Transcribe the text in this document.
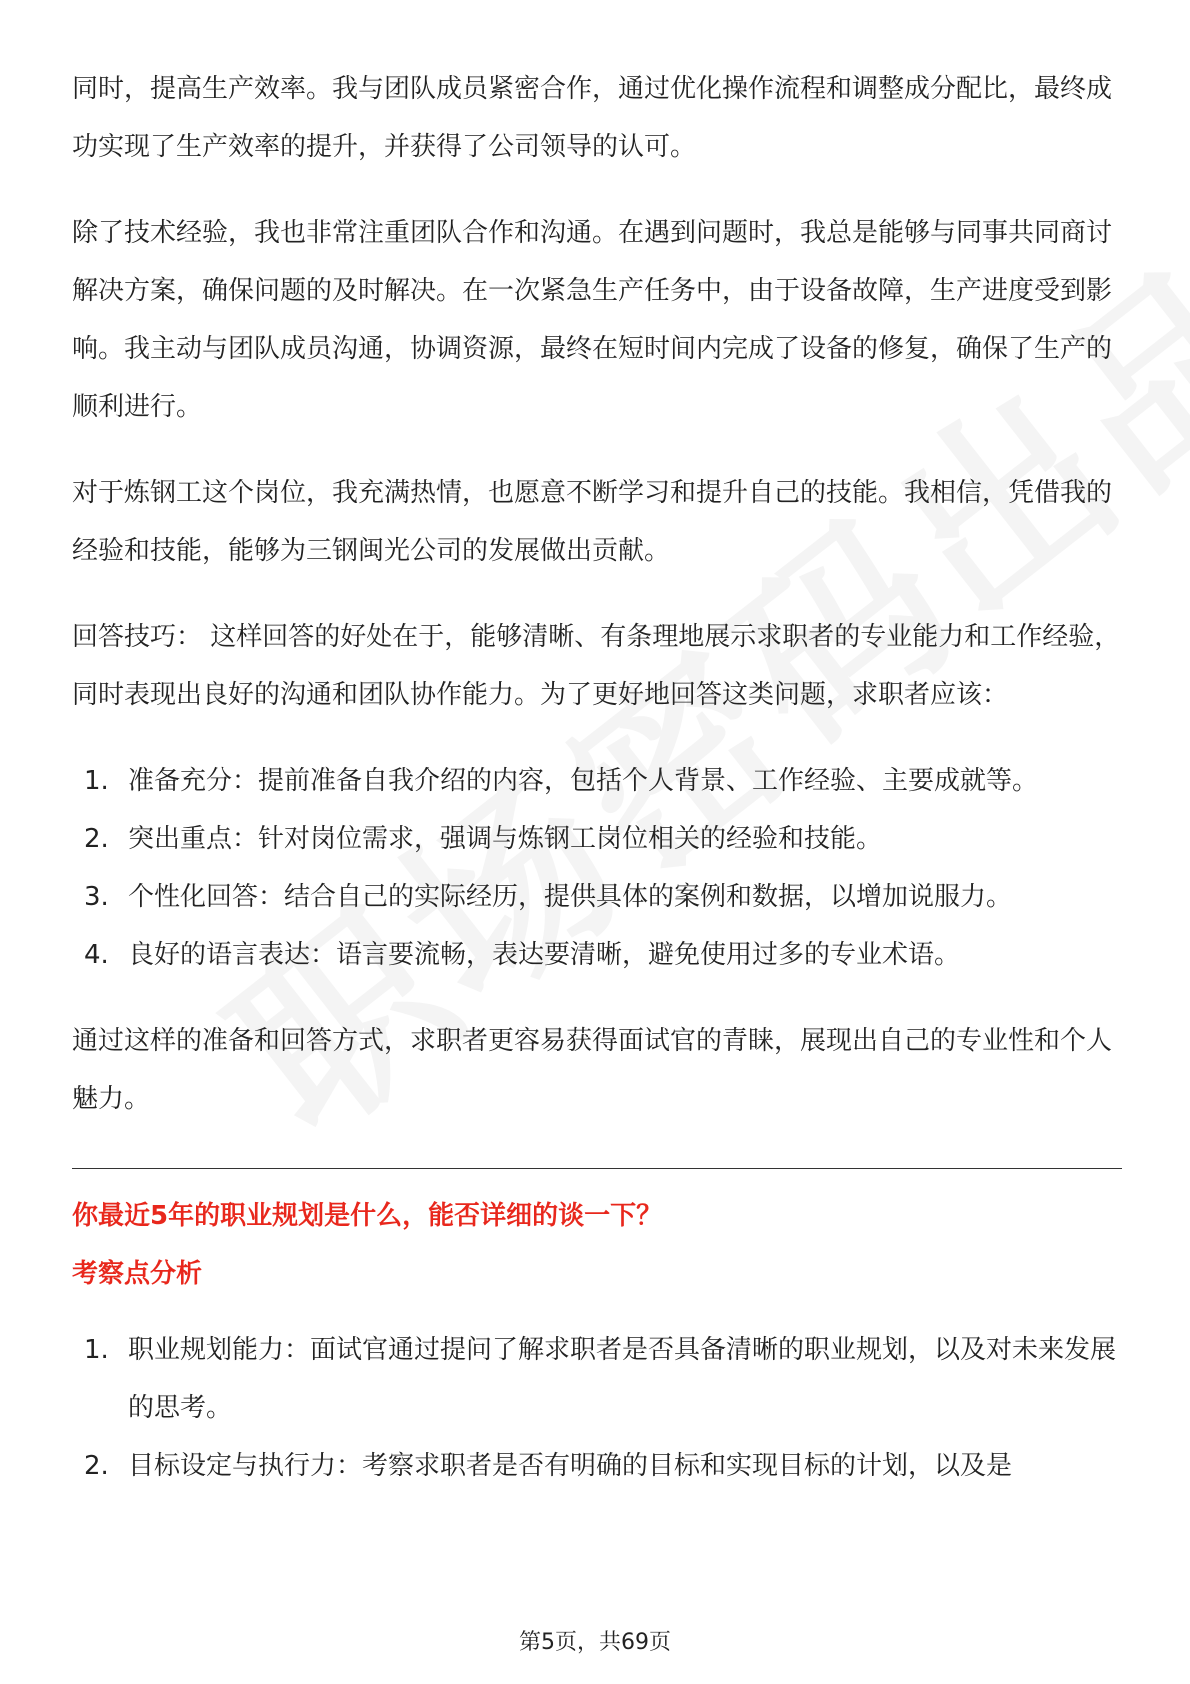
同时，提高生产效率。我与团队成员紧密合作，通过优化操作流程和调整成分配比，最终成功实现了生产效率的提升，并获得了公司领导的认可。

除了技术经验，我也非常注重团队合作和沟通。在遇到问题时，我总是能够与同事共同商讨解决方案，确保问题的及时解决。在一次紧急生产任务中，由于设备故障，生产进度受到影响。我主动与团队成员沟通，协调资源，最终在短时间内完成了设备的修复，确保了生产的顺利进行。

对于炼钢工这个岗位，我充满热情，也愿意不断学习和提升自己的技能。我相信，凭借我的经验和技能，能够为三钢闽光公司的发展做出贡献。

回答技巧： 这样回答的好处在于，能够清晰、有条理地展示求职者的专业能力和工作经验，同时表现出良好的沟通和团队协作能力。为了更好地回答这类问题，求职者应该：

1. 准备充分：提前准备自我介绍的内容，包括个人背景、工作经验、主要成就等。
2. 突出重点：针对岗位需求，强调与炼钢工岗位相关的经验和技能。
3. 个性化回答：结合自己的实际经历，提供具体的案例和数据，以增加说服力。
4. 良好的语言表达：语言要流畅，表达要清晰，避免使用过多的专业术语。

通过这样的准备和回答方式，求职者更容易获得面试官的青睐，展现出自己的专业性和个人魅力。

你最近5年的职业规划是什么，能否详细的谈一下？

考察点分析

1. 职业规划能力：面试官通过提问了解求职者是否具备清晰的职业规划，以及对未来发展的思考。
2. 目标设定与执行力：考察求职者是否有明确的目标和实现目标的计划，以及是
第5页，共69页
